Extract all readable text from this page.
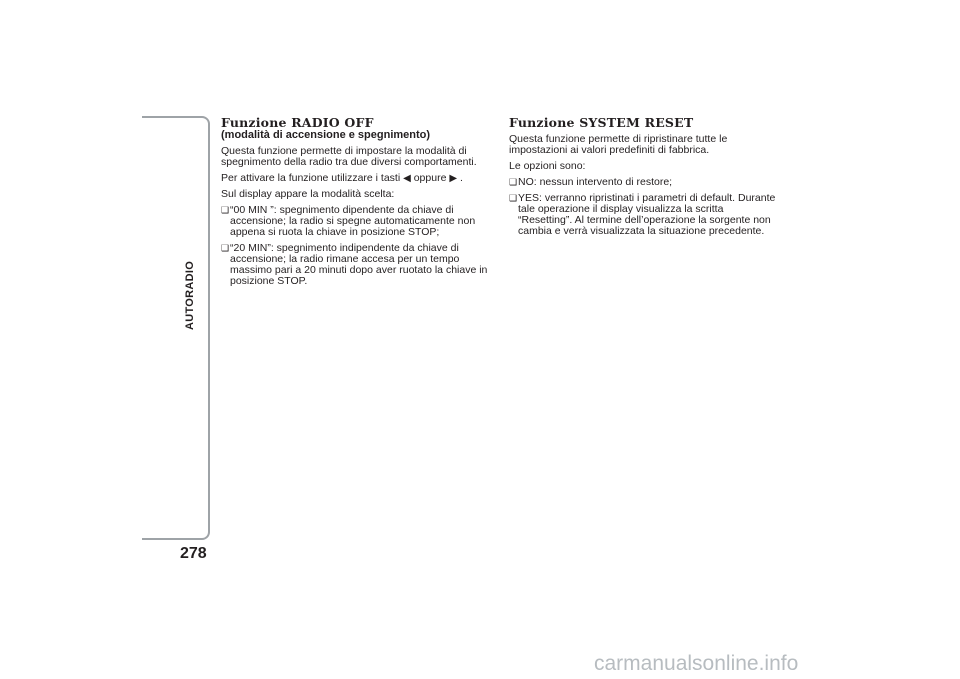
AUTORADIO
278
Funzione RADIO OFF
(modalità di accensione e spegnimento)

Questa funzione permette di impostare la modalità di spegnimento della radio tra due diversi comportamenti.

Per attivare la funzione utilizzare i tasti ◀ oppure ▶ .

Sul display appare la modalità scelta:

❑ “00 MIN ”: spegnimento dipendente da chiave di accensione; la radio si spegne automaticamente non appena si ruota la chiave in posizione STOP;
❑ “20 MIN”: spegnimento indipendente da chiave di accensione; la radio rimane accesa per un tempo massimo pari a 20 minuti dopo aver ruotato la chiave in posizione STOP.
Funzione SYSTEM RESET

Questa funzione permette di ripristinare tutte le impostazioni ai valori predefiniti di fabbrica.

Le opzioni sono:

❑ NO: nessun intervento di restore;
❑ YES: verranno ripristinati i parametri di default. Durante tale operazione il display visualizza la scritta “Resetting”. Al termine dell’operazione la sorgente non cambia e verrà visualizzata la situazione precedente.
carmanualsonline.info
